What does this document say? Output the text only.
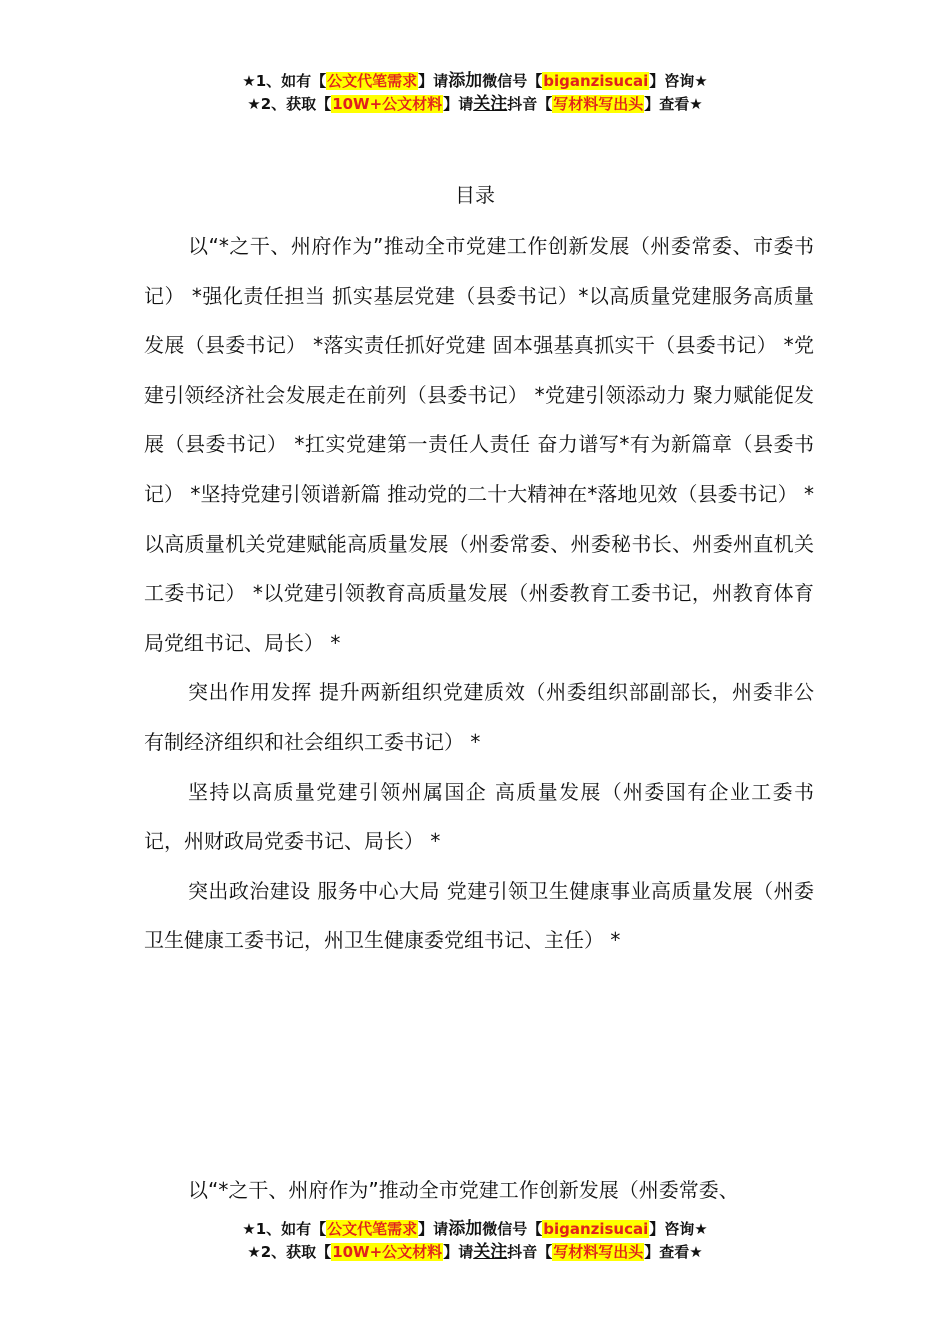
★1、如有【公文代笔需求】请添加微信号【biganzisucai】咨询★
★2、获取【10W+公文材料】请关注抖音【写材料写出头】查看★
目录

以“*之干、州府作为”推动全市党建工作创新发展（州委常委、市委书记） *强化责任担当 抓实基层党建（县委书记）*以高质量党建服务高质量发展（县委书记） *落实责任抓好党建 固本强基真抓实干（县委书记） *党建引领经济社会发展走在前列（县委书记） *党建引领添动力 聚力赋能促发展（县委书记） *扛实党建第一责任人责任 奋力谱写*有为新篇章（县委书记） *坚持党建引领谱新篇 推动党的二十大精神在*落地见效（县委书记） *以高质量机关党建赋能高质量发展（州委常委、州委秘书长、州委州直机关工委书记） *以党建引领教育高质量发展（州委教育工委书记，州教育体育局党组书记、局长） *

突出作用发挥 提升两新组织党建质效（州委组织部副部长，州委非公有制经济组织和社会组织工委书记） *

坚持以高质量党建引领州属国企 高质量发展（州委国有企业工委书记，州财政局党委书记、局长） *

突出政治建设 服务中心大局 党建引领卫生健康事业高质量发展（州委卫生健康工委书记，州卫生健康委党组书记、主任） *

以“*之干、州府作为”推动全市党建工作创新发展（州委常委、

★1、如有【公文代笔需求】请添加微信号【biganzisucai】咨询★
★2、获取【10W+公文材料】请关注抖音【写材料写出头】查看★
